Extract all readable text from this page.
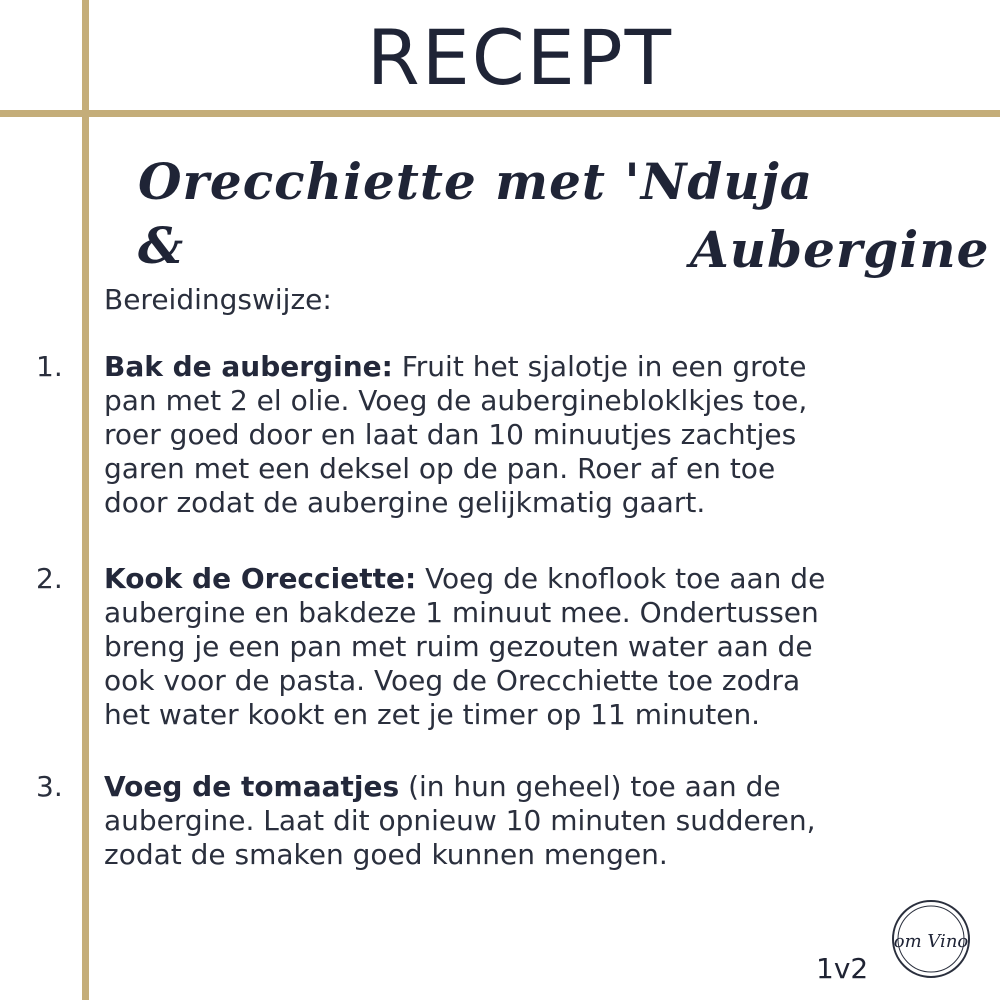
RECEPT
Orecchiette met 'Nduja &	Aubergine
Bereidingswijze:
1. Bak de aubergine: Fruit het sjalotje in een grote
pan met 2 el olie. Voeg de auberginebloklkjes toe,
roer goed door en laat dan 10 minuutjes zachtjes
garen met een deksel op de pan. Roer af en toe
door zodat de aubergine gelijkmatig gaart.
2. Kook de Orecciette: Voeg de knoflook toe aan de
aubergine en bakdeze 1 minuut mee. Ondertussen
breng je een pan met ruim gezouten water aan de
ook voor de pasta. Voeg de Orecchiette toe zodra
het water kookt en zet je timer op 11 minuten.
3. Voeg de tomaatjes (in hun geheel) toe aan de
aubergine. Laat dit opnieuw 10 minuten sudderen,
zodat de smaken goed kunnen mengen.
1v2
om Vino
